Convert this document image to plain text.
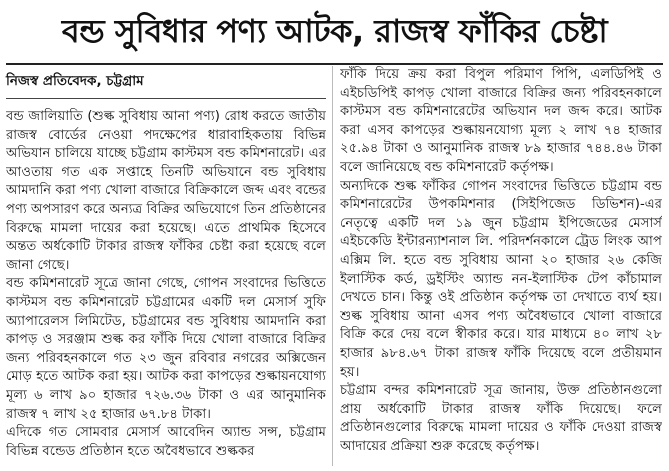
বন্ড সুবিধার পণ্য আটক, রাজস্ব ফাঁকির চেষ্টা
নিজস্ব প্রতিবেদক, চট্টগ্রাম

বন্ড জালিয়াতি (শুল্ক সুবিধায় আনা পণ্য) রোধ করতে জাতীয় রাজস্ব বোর্ডের নেওয়া পদক্ষেপের ধারাবাহিকতায় বিভিন্ন অভিযান চালিয়ে যাচ্ছে চট্টগ্রাম কাস্টমস বন্ড কমিশনারেট। এর আওতায় গত এক সপ্তাহে তিনটি অভিযানে বন্ড সুবিধায় আমদানি করা পণ্য খোলা বাজারে বিক্রিকালে জব্দ এবং বন্ডের পণ্য অপসারণ করে অন্যত্র বিক্রির অভিযোগে তিন প্রতিষ্ঠানের বিরুদ্ধে মামলা দায়ের করা হয়েছে। এতে প্রাথমিক হিসেবে অন্তত অর্ধকোটি টাকার রাজস্ব ফাঁকির চেষ্টা করা হয়েছে বলে জানা গেছে।

বন্ড কমিশনারেট সূত্রে জানা গেছে, গোপন সংবাদের ভিত্তিতে কাস্টমস বন্ড কমিশনারেট চট্টগ্রামের একটি দল মেসার্স সুফি অ্যাপারেলস লিমিটেড, চট্টগ্রামের বন্ড সুবিধায় আমদানি করা কাপড় ও সরঞ্জাম শুল্ক কর ফাঁকি দিয়ে খোলা বাজারে বিক্রির জন্য পরিবহনকালে গত ২৩ জুন রবিবার নগরের অক্সিজেন মোড় হতে আটক করা হয়। আটক করা কাপড়ের শুল্কায়নযোগ্য মূল্য ৬ লাখ ৯০ হাজার ৭২৬.৩৬ টাকা ও এর আনুমানিক রাজস্ব ৭ লাখ ২৫ হাজার ৬৭.৮৪ টাকা।

এদিকে গত সোমবার মেসার্স আবেদিন অ্যান্ড সন্স, চট্টগ্রাম বিভিন্ন বন্ডেড প্রতিষ্ঠান হতে অবৈধভাবে শুল্ককর

ফাঁকি দিয়ে ক্রয় করা বিপুল পরিমাণ পিপি, এলডিপিই ও এইচডিপিই কাপড় খোলা বাজারে বিক্রির জন্য পরিবহনকালে কাস্টমস বন্ড কমিশনারেটের অভিযান দল জব্দ করে। আটক করা এসব কাপড়ের শুল্কায়নযোগ্য মূল্য ২ লাখ ৭৪ হাজার ২৫.৯৪ টাকা ও আনুমানিক রাজস্ব ৮৯ হাজার ৭৪৪.৪৬ টাকা বলে জানিয়েছে বন্ড কমিশনারেট কর্তৃপক্ষ।

অন্যদিকে শুল্ক ফাঁকির গোপন সংবাদের ভিত্তিতে চট্টগ্রাম বন্ড কমিশনারেটের উপকমিশনার (সিইপিজেড ডিভিশন)-এর নেতৃত্বে একটি দল ১৯ জুন চট্টগ্রাম ইপিজেডের মেসার্স এইচকেডি ইন্টারন্যাশনাল লি. পরিদর্শনকালে ট্রেড লিংক আপ এক্সিম লি. হতে বন্ড সুবিধায় আনা ২০ হাজার ২৬ কেজি ইলাস্টিক কর্ড, ড্রইস্টিং অ্যান্ড নন-ইলাস্টিক টেপ কাঁচামাল দেখতে চান। কিন্তু ওই প্রতিষ্ঠান কর্তৃপক্ষ তা দেখাতে ব্যর্থ হয়। শুল্ক সুবিধায় আনা এসব পণ্য অবৈধভাবে খোলা বাজারে বিক্রি করে দেয় বলে স্বীকার করে। যার মাধ্যমে ৪০ লাখ ২৮ হাজার ৯৮৪.৬৭ টাকা রাজস্ব ফাঁকি দিয়েছে বলে প্রতীয়মান হয়।

চট্টগ্রাম বন্দর কমিশনারেট সূত্র জানায়, উক্ত প্রতিষ্ঠানগুলো প্রায় অর্ধকোটি টাকার রাজস্ব ফাঁকি দিয়েছে। ফলে প্রতিষ্ঠানগুলোর বিরুদ্ধে মামলা দায়ের ও ফাঁকি দেওয়া রাজস্ব আদায়ের প্রক্রিয়া শুরু করেছে কর্তৃপক্ষ।
